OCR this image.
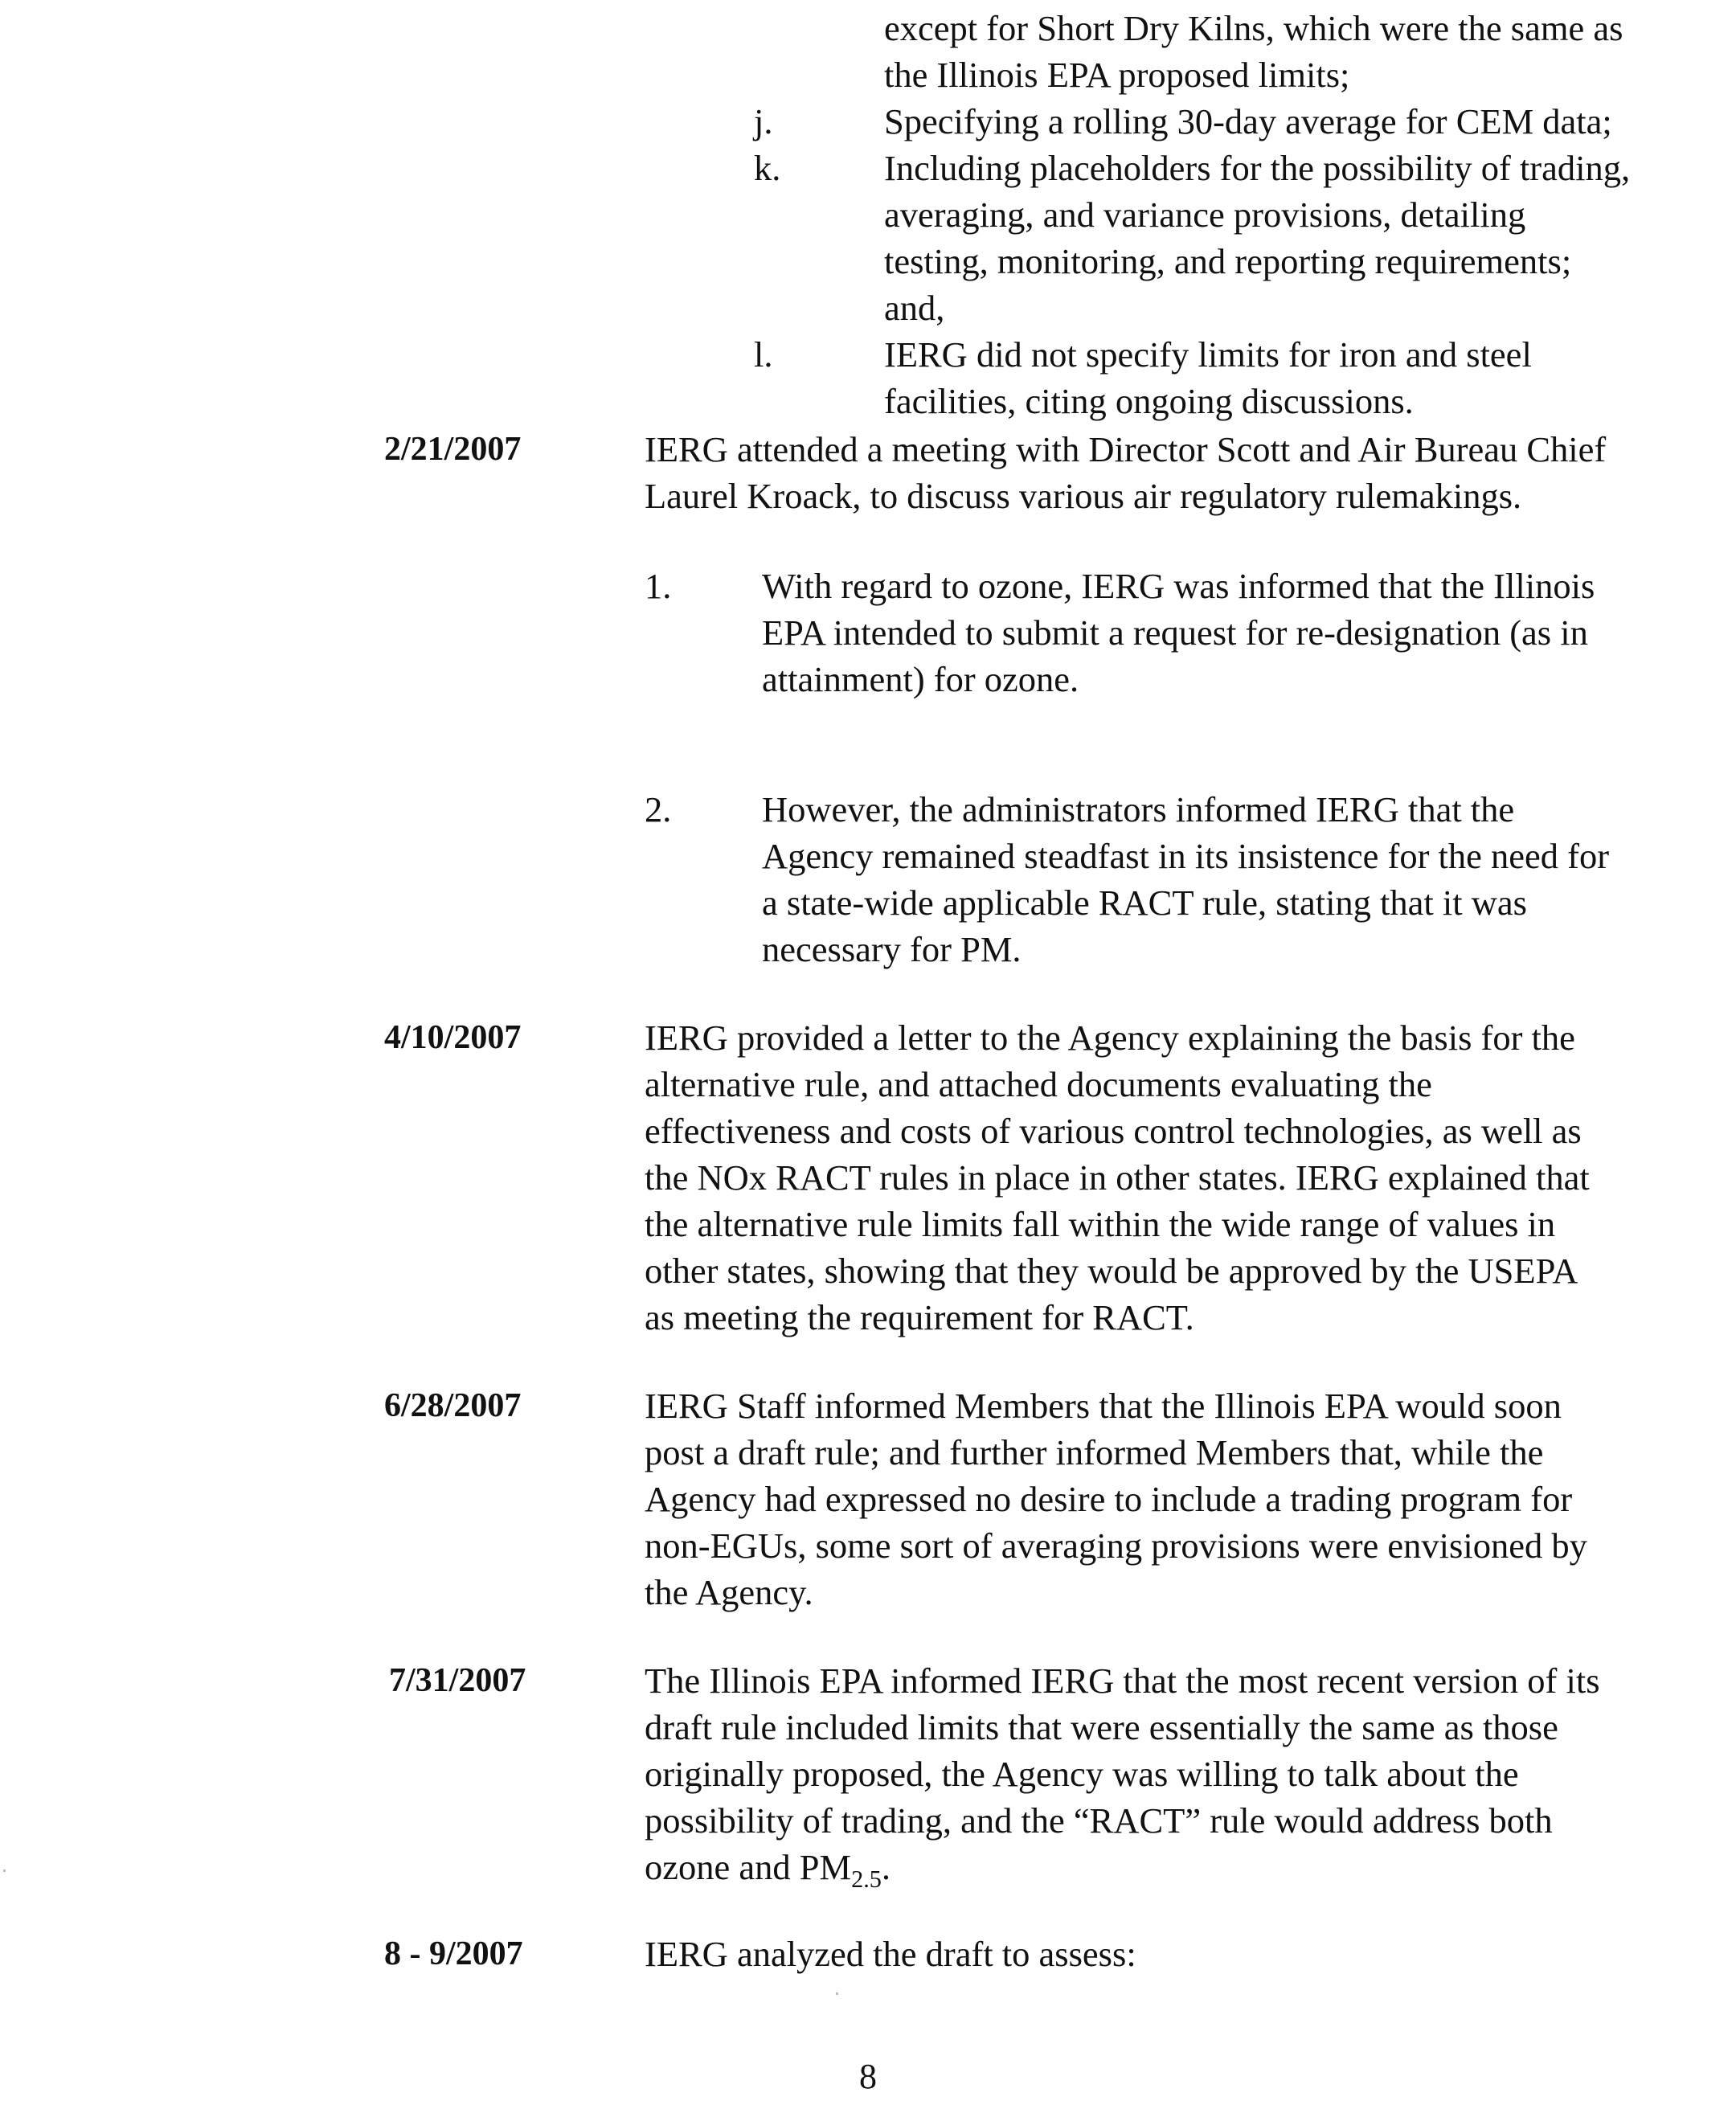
except for Short Dry Kilns, which were the same as
the Illinois EPA proposed limits;
j.	Specifying a rolling 30-day average for CEM data;
k.	Including placeholders for the possibility of trading,
averaging, and variance provisions, detailing
testing, monitoring, and reporting requirements;
and,
l.	IERG did not specify limits for iron and steel
facilities, citing ongoing discussions.
2/21/2007	IERG attended a meeting with Director Scott and Air Bureau Chief
Laurel Kroack, to discuss various air regulatory rulemakings.
1.	With regard to ozone, IERG was informed that the Illinois
EPA intended to submit a request for re-designation (as in
attainment) for ozone.
2.	However, the administrators informed IERG that the
Agency remained steadfast in its insistence for the need for
a state-wide applicable RACT rule, stating that it was
necessary for PM.
4/10/2007	IERG provided a letter to the Agency explaining the basis for the
alternative rule, and attached documents evaluating the
effectiveness and costs of various control technologies, as well as
the NOx RACT rules in place in other states. IERG explained that
the alternative rule limits fall within the wide range of values in
other states, showing that they would be approved by the USEPA
as meeting the requirement for RACT.
6/28/2007	IERG Staff informed Members that the Illinois EPA would soon
post a draft rule; and further informed Members that, while the
Agency had expressed no desire to include a trading program for
non-EGUs, some sort of averaging provisions were envisioned by
the Agency.
7/31/2007	The Illinois EPA informed IERG that the most recent version of its
draft rule included limits that were essentially the same as those
originally proposed, the Agency was willing to talk about the
possibility of trading, and the “RACT” rule would address both
ozone and $PM_{2.5}$.
8 - 9/2007	IERG analyzed the draft to assess:
8
